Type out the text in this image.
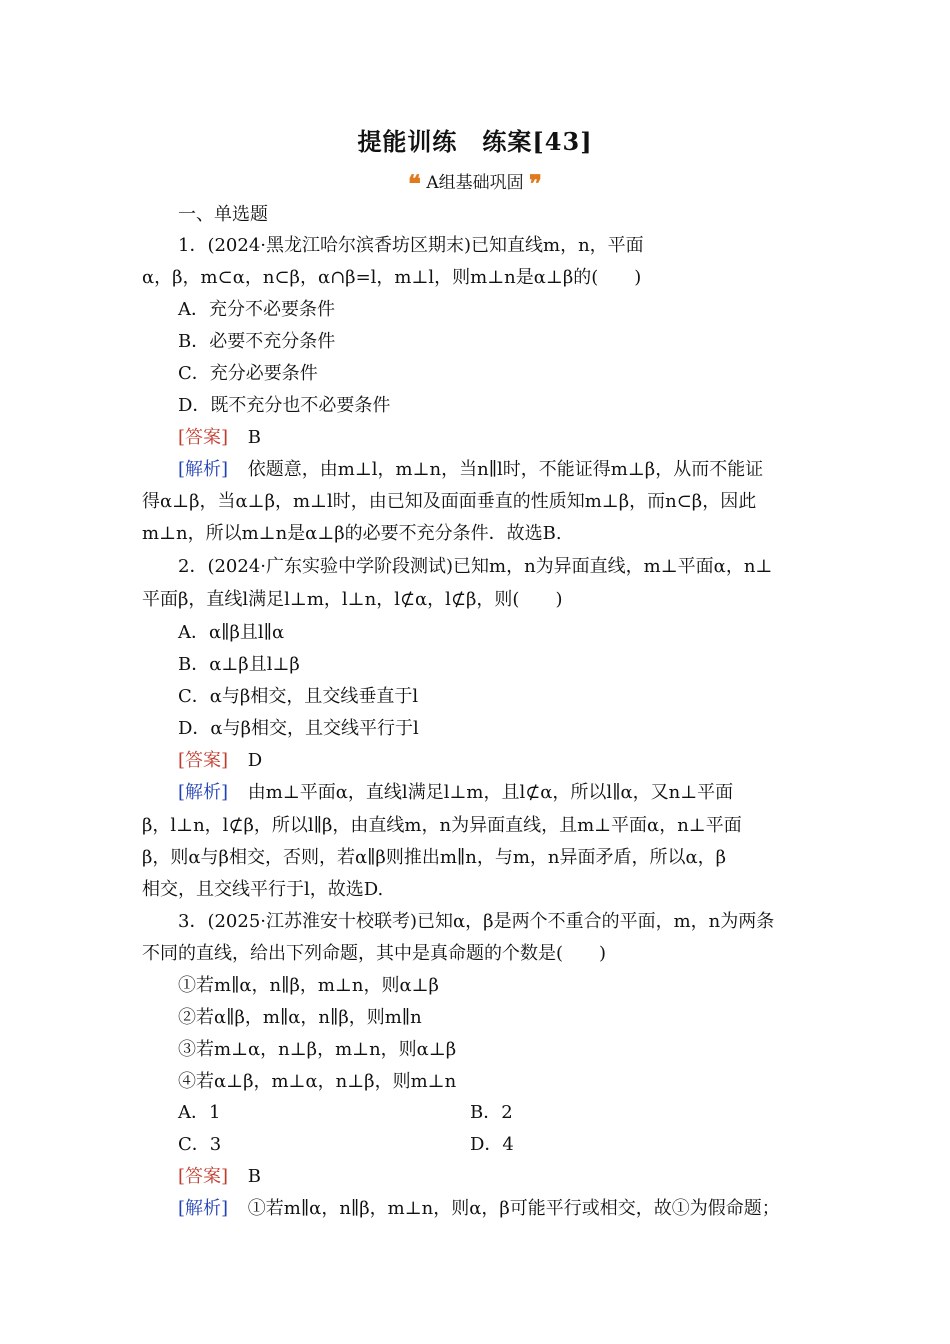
提能训练　练案[43]
❝ A组基础巩固 ❞
一、单选题
1．(2024·黑龙江哈尔滨香坊区期末)已知直线m，n，平面
α，β，m⊂α，n⊂β，α∩β=l，m⊥l，则m⊥n是α⊥β的(　　)
A．充分不必要条件
B．必要不充分条件
C．充分必要条件
D．既不充分也不必要条件
[答案] B
[解析] 依题意，由m⊥l，m⊥n，当n∥l时，不能证得m⊥β，从而不能证
得α⊥β，当α⊥β，m⊥l时，由已知及面面垂直的性质知m⊥β，而n⊂β，因此
m⊥n，所以m⊥n是α⊥β的必要不充分条件．故选B.
2．(2024·广东实验中学阶段测试)已知m，n为异面直线，m⊥平面α，n⊥
平面β，直线l满足l⊥m，l⊥n，l⊄α，l⊄β，则(　　)
A．α∥β且l∥α
B．α⊥β且l⊥β
C．α与β相交，且交线垂直于l
D．α与β相交，且交线平行于l
[答案] D
[解析] 由m⊥平面α，直线l满足l⊥m，且l⊄α，所以l∥α，又n⊥平面
β，l⊥n，l⊄β，所以l∥β，由直线m，n为异面直线，且m⊥平面α，n⊥平面
β，则α与β相交，否则，若α∥β则推出m∥n，与m，n异面矛盾，所以α，β
相交，且交线平行于l，故选D.
3．(2025·江苏淮安十校联考)已知α，β是两个不重合的平面，m，n为两条
不同的直线，给出下列命题，其中是真命题的个数是(　　)
①若m∥α，n∥β，m⊥n，则α⊥β
②若α∥β，m∥α，n∥β，则m∥n
③若m⊥α，n⊥β，m⊥n，则α⊥β
④若α⊥β，m⊥α，n⊥β，则m⊥n
A．1	B．2
C．3	D．4
[答案] B
[解析] ①若m∥α，n∥β，m⊥n，则α，β可能平行或相交，故①为假命题；
